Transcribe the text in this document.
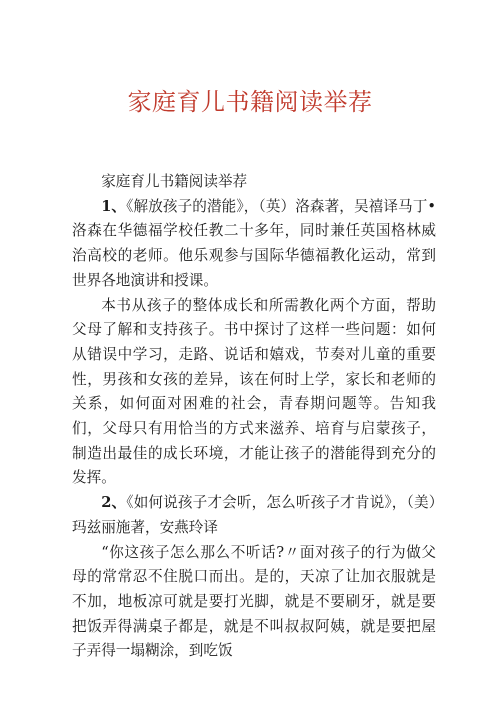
家庭育儿书籍阅读举荐

家庭育儿书籍阅读举荐

1、《解放孩子的潜能》，（英）洛森著，吴禧译马丁•洛森在华德福学校任教二十多年，同时兼任英国格林威治高校的老师。他乐观参与国际华德福教化运动，常到世界各地演讲和授课。

本书从孩子的整体成长和所需教化两个方面，帮助父母了解和支持孩子。书中探讨了这样一些问题：如何从错误中学习，走路、说话和嬉戏，节奏对儿童的重要性，男孩和女孩的差异，该在何时上学，家长和老师的关系，如何面对困难的社会，青春期问题等。告知我们，父母只有用恰当的方式来滋养、培育与启蒙孩子，制造出最佳的成长环境，才能让孩子的潜能得到充分的发挥。

2、《如何说孩子才会听，怎么听孩子才肯说》，（美）玛兹丽施著，安燕玲译

“你这孩子怎么那么不听话?〃面对孩子的行为做父母的常常忍不住脱口而出。是的，天凉了让加衣服就是不加，地板凉可就是要打光脚，就是不要刷牙，就是要把饭弄得满桌子都是，就是不叫叔叔阿姨，就是要把屋子弄得一塌糊涂，到吃饭
